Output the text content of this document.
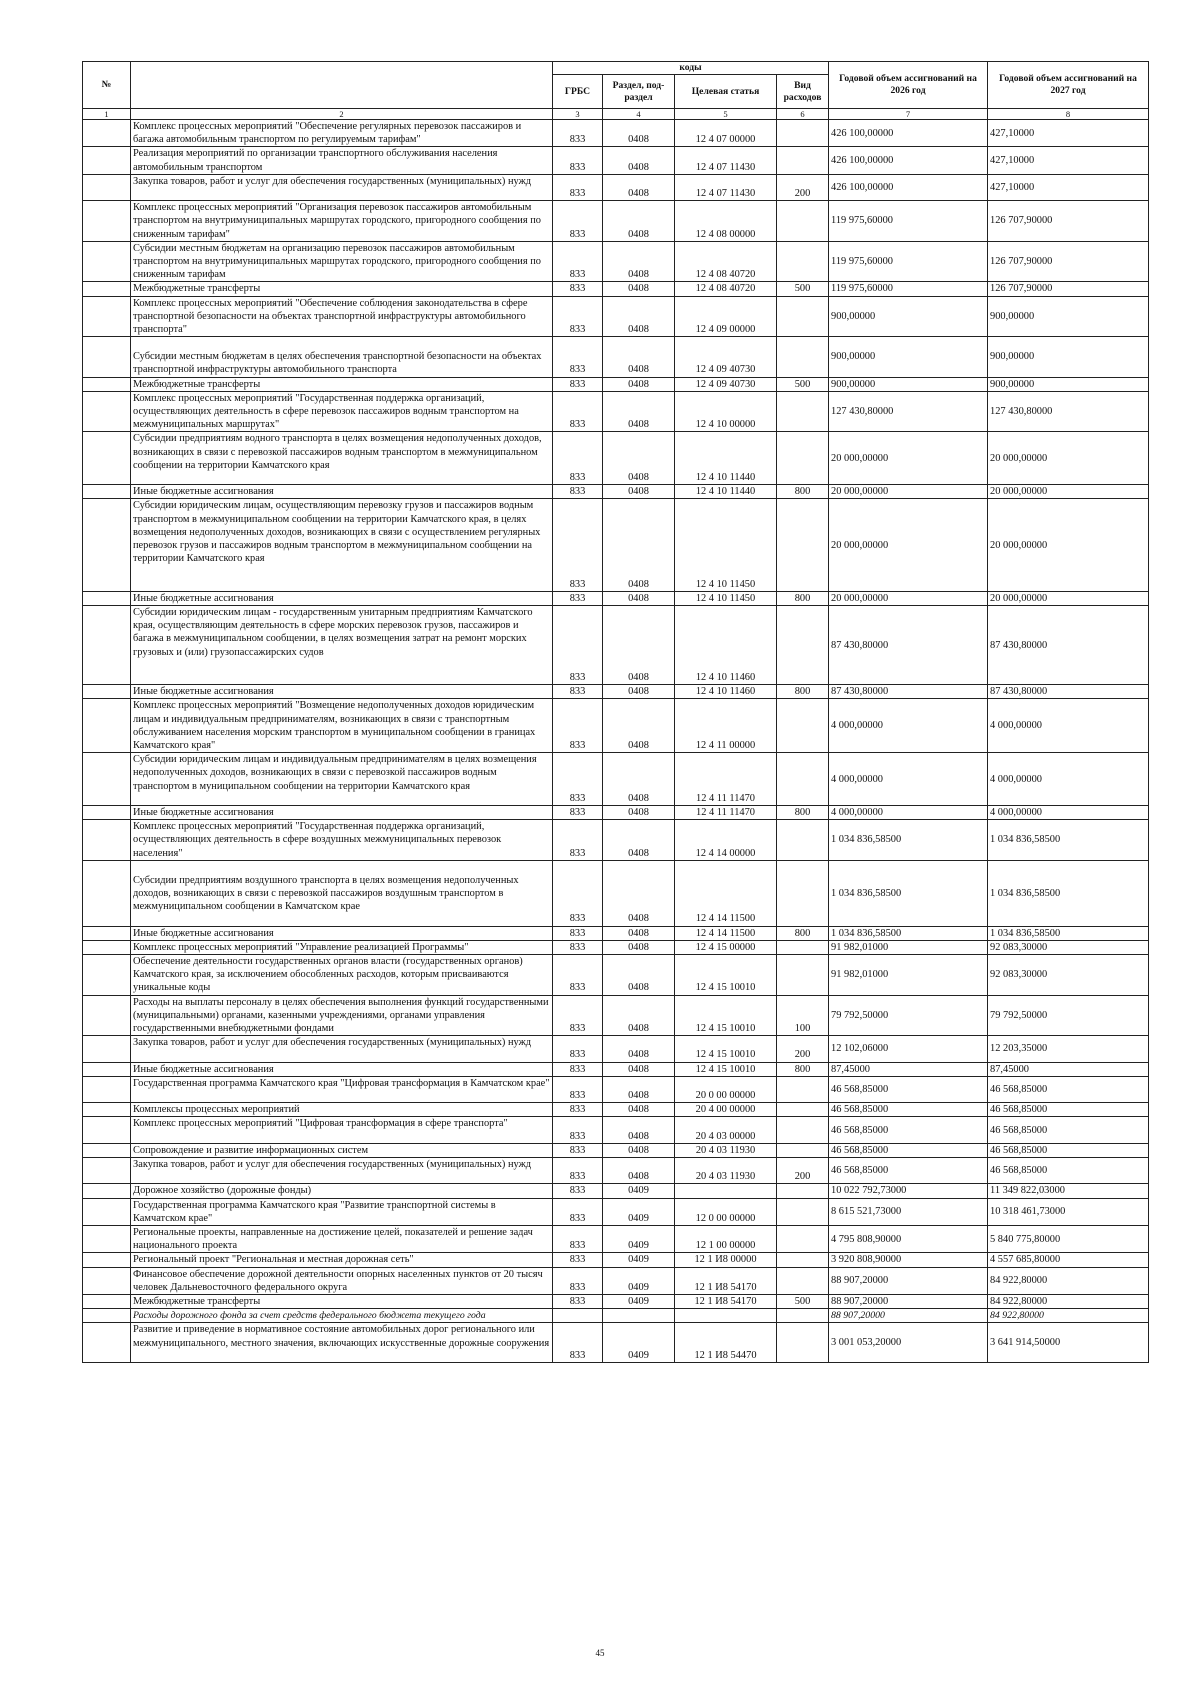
№		коды				Годовой объем ассигнований на 2026 год	Годовой объем ассигнований на 2027 год
		ГРБС	Раздел, под-раздел	Целевая статья	Вид расходов		
1	2	3	4	5	6	7	8
	Комплекс процессных мероприятий "Обеспечение регулярных перевозок пассажиров и багажа автомобильным транспортом по регулируемым тарифам"	833	0408	12 4 07 00000		426 100,00000	427,10000
	Реализация мероприятий по организации транспортного обслуживания населения автомобильным транспортом	833	0408	12 4 07 11430		426 100,00000	427,10000
	Закупка товаров, работ и услуг для обеспечения государственных (муниципальных) нужд	833	0408	12 4 07 11430	200	426 100,00000	427,10000
	Комплекс процессных мероприятий "Организация перевозок пассажиров автомобильным транспортом на внутримуниципальных маршрутах городского, пригородного сообщения по сниженным тарифам"	833	0408	12 4 08 00000		119 975,60000	126 707,90000
	Субсидии местным бюджетам на организацию перевозок пассажиров автомобильным транспортом на внутримуниципальных маршрутах городского, пригородного сообщения по сниженным тарифам	833	0408	12 4 08 40720		119 975,60000	126 707,90000
	Межбюджетные трансферты	833	0408	12 4 08 40720	500	119 975,60000	126 707,90000
	Комплекс процессных мероприятий "Обеспечение соблюдения законодательства в сфере транспортной безопасности на объектах транспортной инфраструктуры автомобильного транспорта"	833	0408	12 4 09 00000		900,00000	900,00000
	Субсидии местным бюджетам в целях обеспечения транспортной безопасности на объектах транспортной инфраструктуры автомобильного транспорта	833	0408	12 4 09 40730		900,00000	900,00000
	Межбюджетные трансферты	833	0408	12 4 09 40730	500	900,00000	900,00000
	Комплекс процессных мероприятий "Государственная поддержка организаций, осуществляющих деятельность в сфере перевозок пассажиров водным транспортом на межмуниципальных маршрутах"	833	0408	12 4 10 00000		127 430,80000	127 430,80000
	Субсидии предприятиям водного транспорта в целях возмещения недополученных доходов, возникающих в связи с перевозкой пассажиров водным транспортом в межмуниципальном сообщении на территории Камчатского края	833	0408	12 4 10 11440		20 000,00000	20 000,00000
	Иные бюджетные ассигнования	833	0408	12 4 10 11440	800	20 000,00000	20 000,00000
	Субсидии юридическим лицам, осуществляющим перевозку грузов и пассажиров водным транспортом в межмуниципальном сообщении на территории Камчатского края, в целях возмещения недополученных доходов, возникающих в связи с осуществлением регулярных перевозок грузов и пассажиров водным транспортом в межмуниципальном сообщении на территории Камчатского края	833	0408	12 4 10 11450		20 000,00000	20 000,00000
	Иные бюджетные ассигнования	833	0408	12 4 10 11450	800	20 000,00000	20 000,00000
	Субсидии юридическим лицам - государственным унитарным предприятиям Камчатского края, осуществляющим деятельность в сфере морских перевозок грузов, пассажиров и багажа в межмуниципальном сообщении, в целях возмещения затрат на ремонт морских грузовых и (или) грузопассажирских судов	833	0408	12 4 10 11460		87 430,80000	87 430,80000
	Иные бюджетные ассигнования	833	0408	12 4 10 11460	800	87 430,80000	87 430,80000
	Комплекс процессных мероприятий "Возмещение недополученных доходов юридическим лицам и индивидуальным предпринимателям, возникающих в связи с транспортным обслуживанием населения морским транспортом в муниципальном сообщении в границах Камчатского края"	833	0408	12 4 11 00000		4 000,00000	4 000,00000
	Субсидии юридическим лицам и индивидуальным предпринимателям в целях возмещения недополученных доходов, возникающих в связи с перевозкой пассажиров водным транспортом в муниципальном сообщении на территории Камчатского края	833	0408	12 4 11 11470		4 000,00000	4 000,00000
	Иные бюджетные ассигнования	833	0408	12 4 11 11470	800	4 000,00000	4 000,00000
	Комплекс процессных мероприятий "Государственная поддержка организаций, осуществляющих деятельность в сфере воздушных межмуниципальных перевозок населения"	833	0408	12 4 14 00000		1 034 836,58500	1 034 836,58500
	Субсидии предприятиям воздушного транспорта в целях возмещения недополученных доходов, возникающих в связи с перевозкой пассажиров воздушным транспортом в межмуниципальном сообщении в Камчатском крае	833	0408	12 4 14 11500		1 034 836,58500	1 034 836,58500
	Иные бюджетные ассигнования	833	0408	12 4 14 11500	800	1 034 836,58500	1 034 836,58500
	Комплекс процессных мероприятий "Управление реализацией Программы"	833	0408	12 4 15 00000		91 982,01000	92 083,30000
	Обеспечение деятельности государственных органов власти (государственных органов) Камчатского края, за исключением обособленных расходов, которым присваиваются уникальные коды	833	0408	12 4 15 10010		91 982,01000	92 083,30000
	Расходы на выплаты персоналу в целях обеспечения выполнения функций государственными (муниципальными) органами, казенными учреждениями, органами управления государственными внебюджетными фондами	833	0408	12 4 15 10010	100	79 792,50000	79 792,50000
	Закупка товаров, работ и услуг для обеспечения государственных (муниципальных) нужд	833	0408	12 4 15 10010	200	12 102,06000	12 203,35000
	Иные бюджетные ассигнования	833	0408	12 4 15 10010	800	87,45000	87,45000
	Государственная программа Камчатского края "Цифровая трансформация в Камчатском крае"	833	0408	20 0 00 00000		46 568,85000	46 568,85000
	Комплексы процессных мероприятий	833	0408	20 4 00 00000		46 568,85000	46 568,85000
	Комплекс процессных мероприятий "Цифровая трансформация в сфере транспорта"	833	0408	20 4 03 00000		46 568,85000	46 568,85000
	Сопровождение и развитие информационных систем	833	0408	20 4 03 11930		46 568,85000	46 568,85000
	Закупка товаров, работ и услуг для обеспечения государственных (муниципальных) нужд	833	0408	20 4 03 11930	200	46 568,85000	46 568,85000
	Дорожное хозяйство (дорожные фонды)	833	0409			10 022 792,73000	11 349 822,03000
	Государственная программа Камчатского края "Развитие транспортной системы в Камчатском крае"	833	0409	12 0 00 00000		8 615 521,73000	10 318 461,73000
	Региональные проекты, направленные на достижение целей, показателей и решение задач национального проекта	833	0409	12 1 00 00000		4 795 808,90000	5 840 775,80000
	Региональный проект "Региональная и местная дорожная сеть"	833	0409	12 1 И8 00000		3 920 808,90000	4 557 685,80000
	Финансовое обеспечение дорожной деятельности опорных населенных пунктов от 20 тысяч человек Дальневосточного федерального округа	833	0409	12 1 И8 54170		88 907,20000	84 922,80000
	Межбюджетные трансферты	833	0409	12 1 И8 54170	500	88 907,20000	84 922,80000
	Расходы дорожного фонда за счет средств федерального бюджета текущего года					88 907,20000	84 922,80000
	Развитие и приведение в нормативное состояние автомобильных дорог регионального или межмуниципального, местного значения, включающих искусственные дорожные сооружения	833	0409	12 1 И8 54470		3 001 053,20000	3 641 914,50000
45
